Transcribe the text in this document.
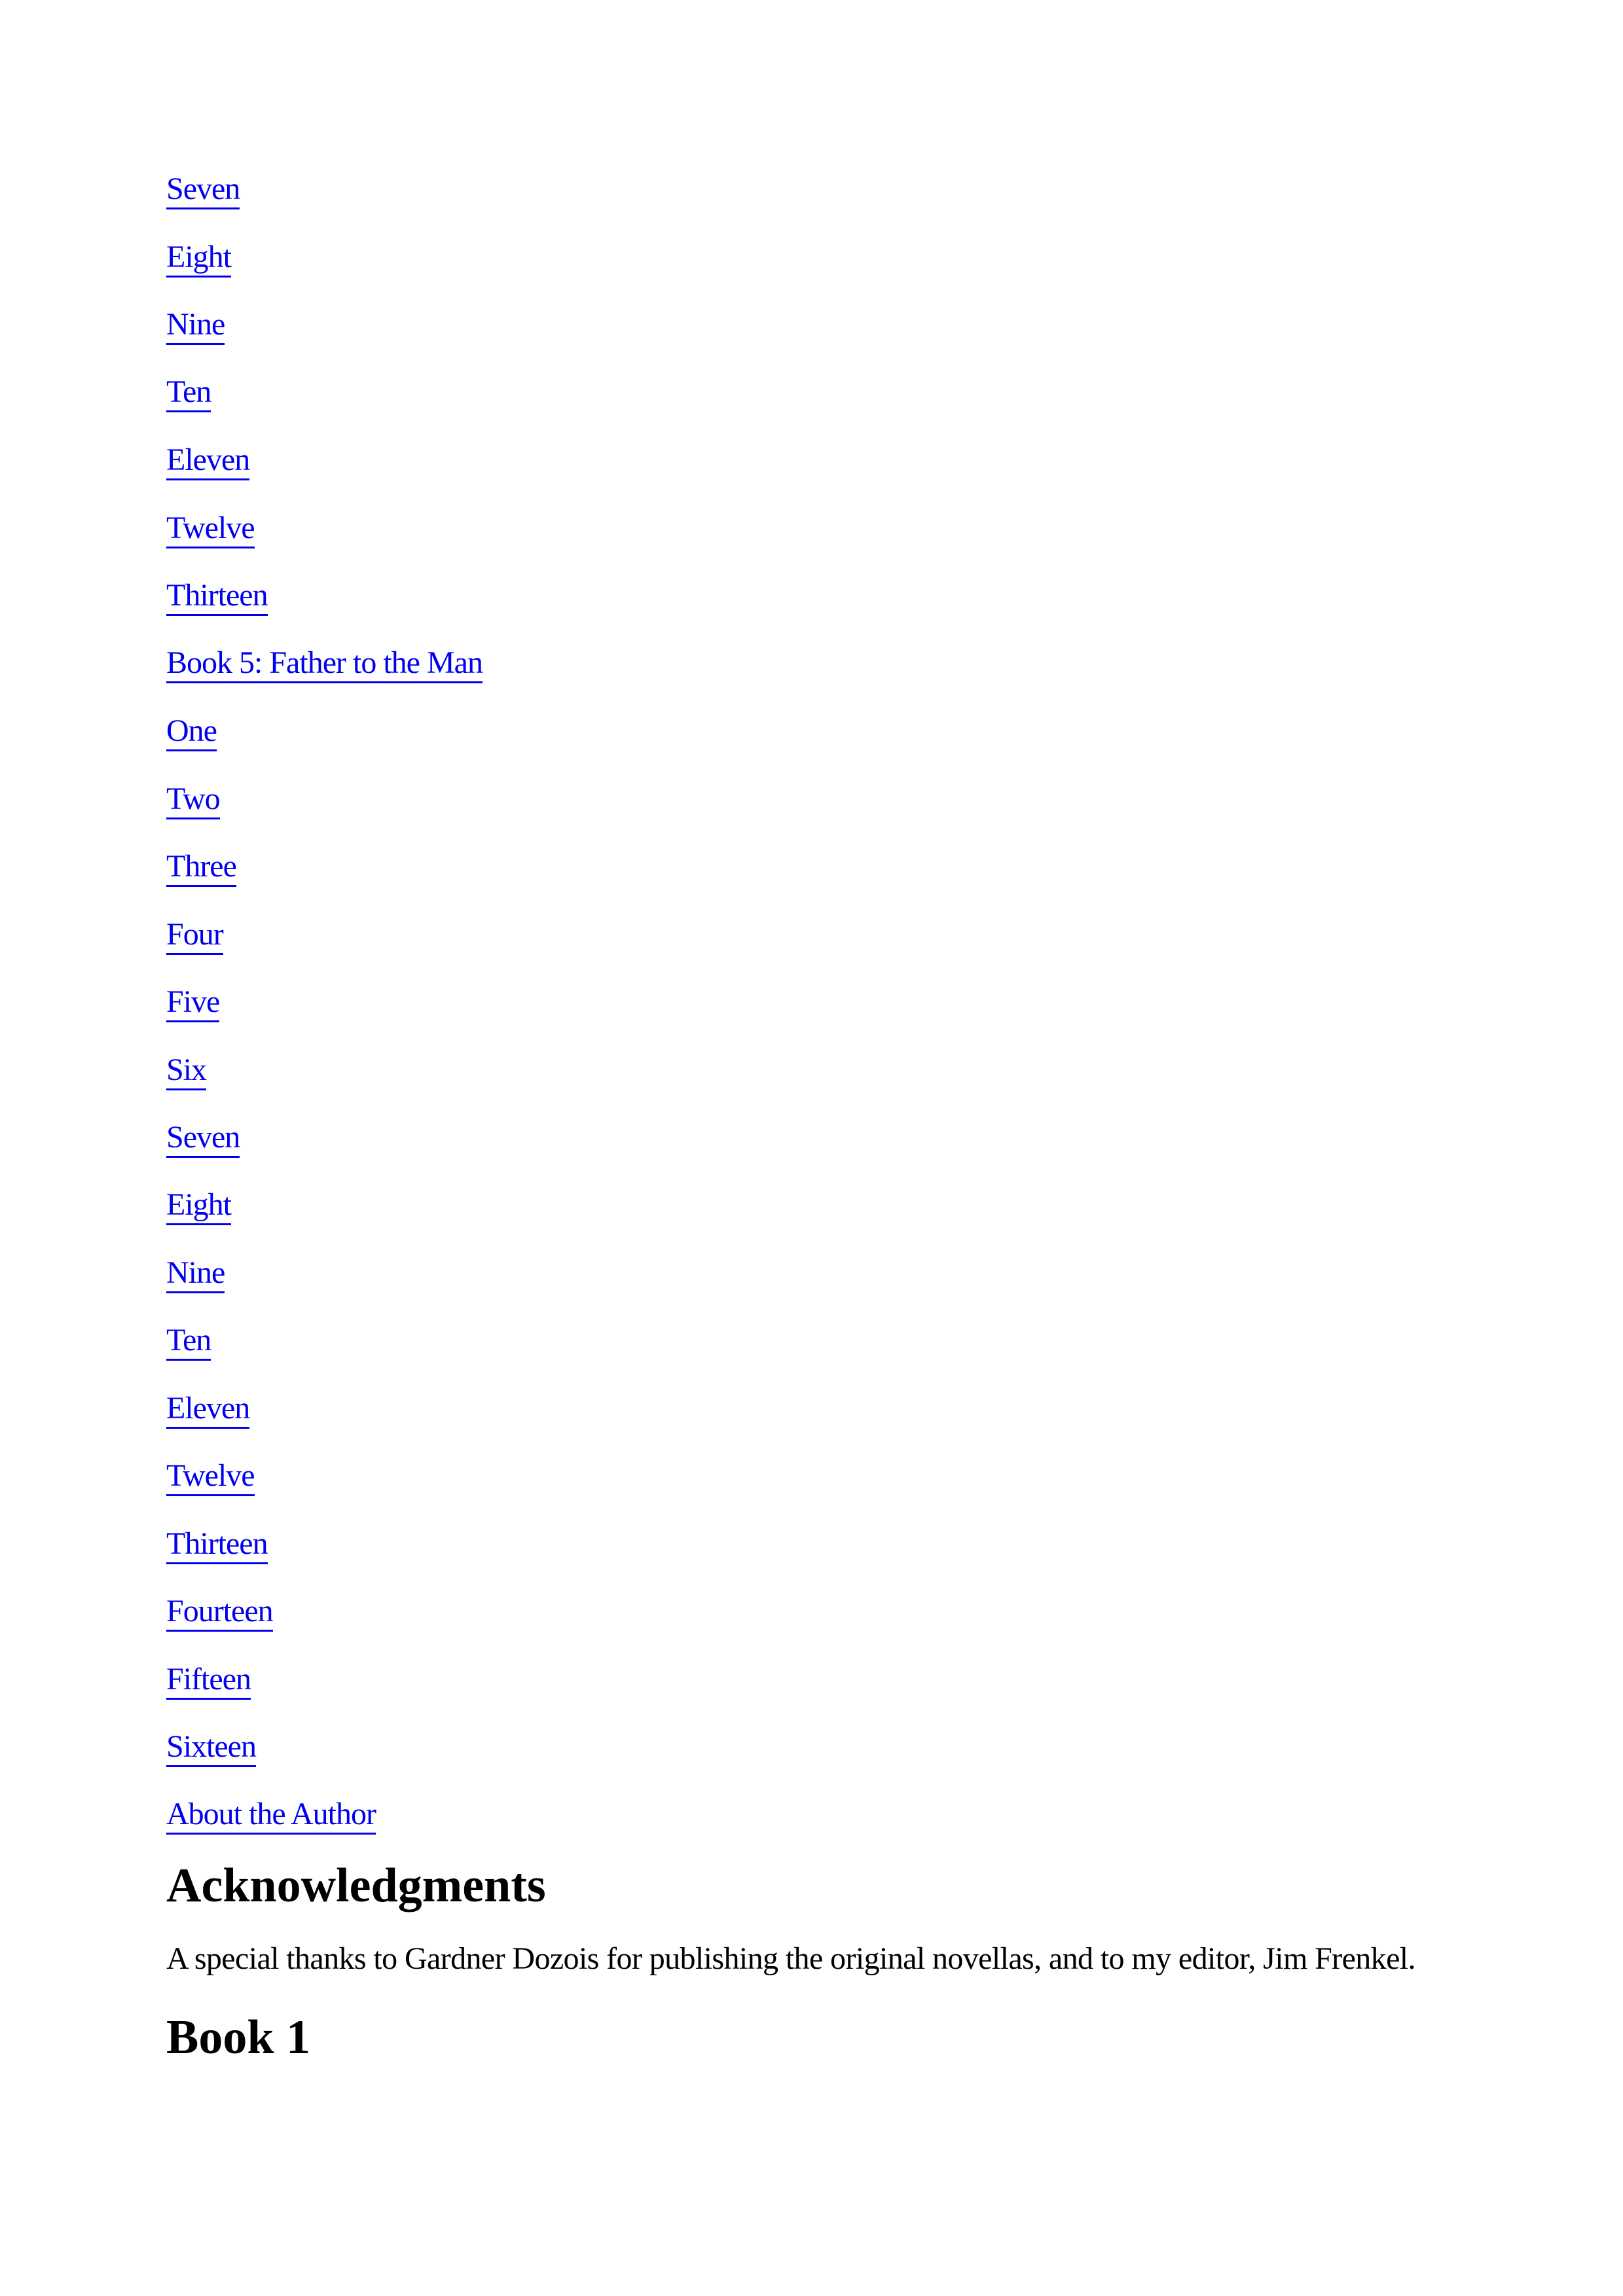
Seven
Eight
Nine
Ten
Eleven
Twelve
Thirteen
Book 5: Father to the Man
One
Two
Three
Four
Five
Six
Seven
Eight
Nine
Ten
Eleven
Twelve
Thirteen
Fourteen
Fifteen
Sixteen
About the Author
Acknowledgments

A special thanks to Gardner Dozois for publishing the original novellas, and to my editor, Jim Frenkel.

Book 1
